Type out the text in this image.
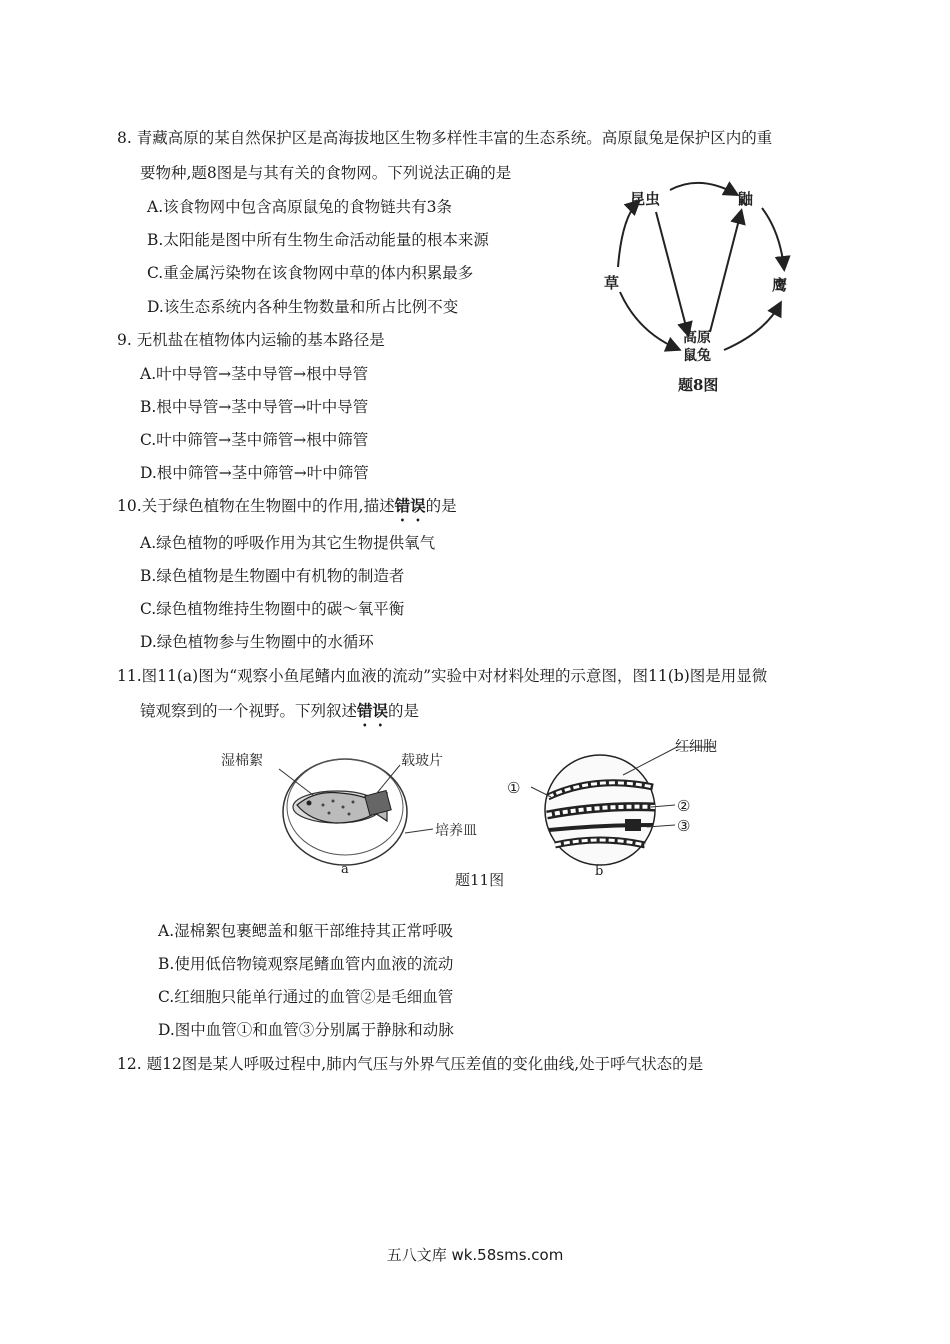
8. 青藏高原的某自然保护区是高海拔地区生物多样性丰富的生态系统。高原鼠兔是保护区内的重
要物种,题8图是与其有关的食物网。下列说法正确的是
A.该食物网中包含高原鼠兔的食物链共有3条
B.太阳能是图中所有生物生命活动能量的根本来源
C.重金属污染物在该食物网中草的体内积累最多
D.该生态系统内各种生物数量和所占比例不变
昆虫	鼬
草	鹰
高原
鼠兔
题8图
9. 无机盐在植物体内运输的基本路径是
A.叶中导管→茎中导管→根中导管
B.根中导管→茎中导管→叶中导管
C.叶中筛管→茎中筛管→根中筛管
D.根中筛管→茎中筛管→叶中筛管
10.关于绿色植物在生物圈中的作用,描述错误的是
A.绿色植物的呼吸作用为其它生物提供氧气
B.绿色植物是生物圈中有机物的制造者
C.绿色植物维持生物圈中的碳～氧平衡
D.绿色植物参与生物圈中的水循环
11.图11(a)图为“观察小鱼尾鳍内血液的流动”实验中对材料处理的示意图，图11(b)图是用显微
镜观察到的一个视野。下列叙述错误的是
湿棉絮	载玻片
培养皿
a
红细胞
①
②
③
b
题11图
A.湿棉絮包裹鳃盖和躯干部维持其正常呼吸
B.使用低倍物镜观察尾鳍血管内血液的流动
C.红细胞只能单行通过的血管②是毛细血管
D.图中血管①和血管③分别属于静脉和动脉
12. 题12图是某人呼吸过程中,肺内气压与外界气压差值的变化曲线,处于呼气状态的是
五八文库 wk.58sms.com
